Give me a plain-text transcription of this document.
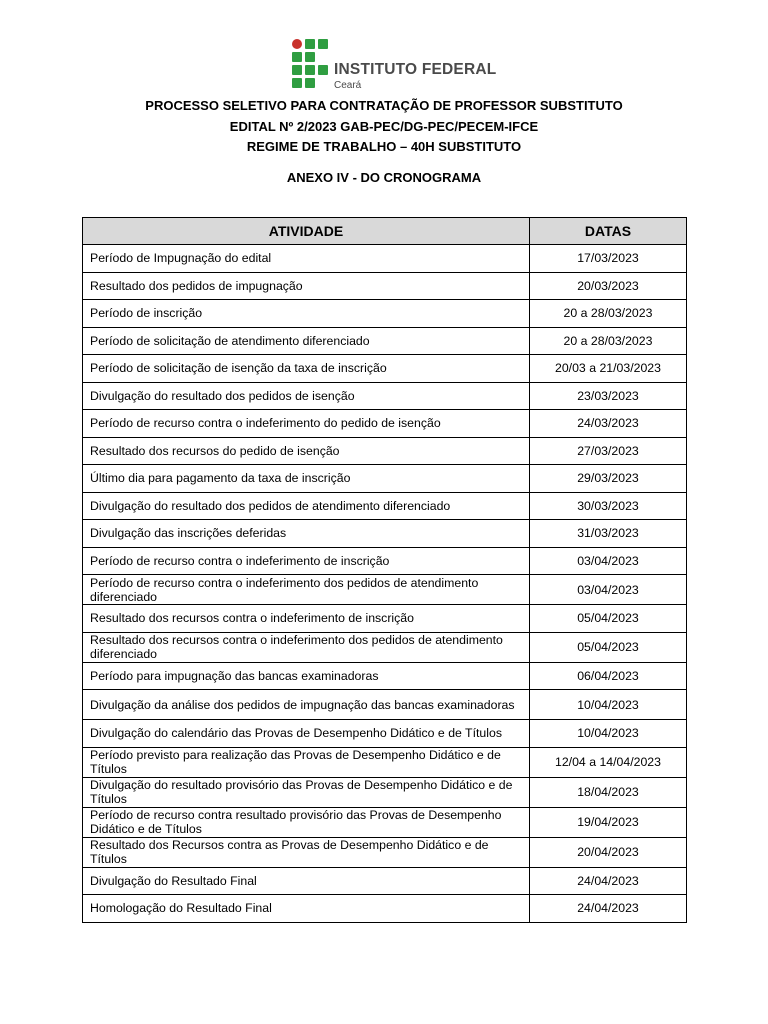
INSTITUTO FEDERAL
Ceará
PROCESSO SELETIVO PARA CONTRATAÇÃO DE PROFESSOR SUBSTITUTO
EDITAL Nº 2/2023 GAB-PEC/DG-PEC/PECEM-IFCE
REGIME DE TRABALHO – 40H SUBSTITUTO
ANEXO IV - DO CRONOGRAMA
ATIVIDADE	DATAS
Período de Impugnação do edital	17/03/2023
Resultado dos pedidos de impugnação	20/03/2023
Período de inscrição	20 a 28/03/2023
Período de solicitação de atendimento diferenciado	20 a 28/03/2023
Período de solicitação de isenção da taxa de inscrição	20/03 a 21/03/2023
Divulgação do resultado dos pedidos de isenção	23/03/2023
Período de recurso contra o indeferimento do pedido de isenção	24/03/2023
Resultado dos recursos do pedido de isenção	27/03/2023
Último dia para pagamento da taxa de inscrição	29/03/2023
Divulgação do resultado dos pedidos de atendimento diferenciado	30/03/2023
Divulgação das inscrições deferidas	31/03/2023
Período de recurso contra o indeferimento de inscrição	03/04/2023
Período de recurso contra o indeferimento dos pedidos de atendimento diferenciado	03/04/2023
Resultado dos recursos contra o indeferimento de inscrição	05/04/2023
Resultado dos recursos contra o indeferimento dos pedidos de atendimento diferenciado	05/04/2023
Período para impugnação das bancas examinadoras	06/04/2023
Divulgação da análise dos pedidos de impugnação das bancas examinadoras	10/04/2023
Divulgação do calendário das Provas de Desempenho Didático e de Títulos	10/04/2023
Período previsto para realização das Provas de Desempenho Didático e de Títulos	12/04 a 14/04/2023
Divulgação do resultado provisório das Provas de Desempenho Didático e de Títulos	18/04/2023
Período de recurso contra resultado provisório das Provas de Desempenho Didático e de Títulos	19/04/2023
Resultado dos Recursos contra as Provas de Desempenho Didático e de Títulos	20/04/2023
Divulgação do Resultado Final	24/04/2023
Homologação do Resultado Final	24/04/2023
